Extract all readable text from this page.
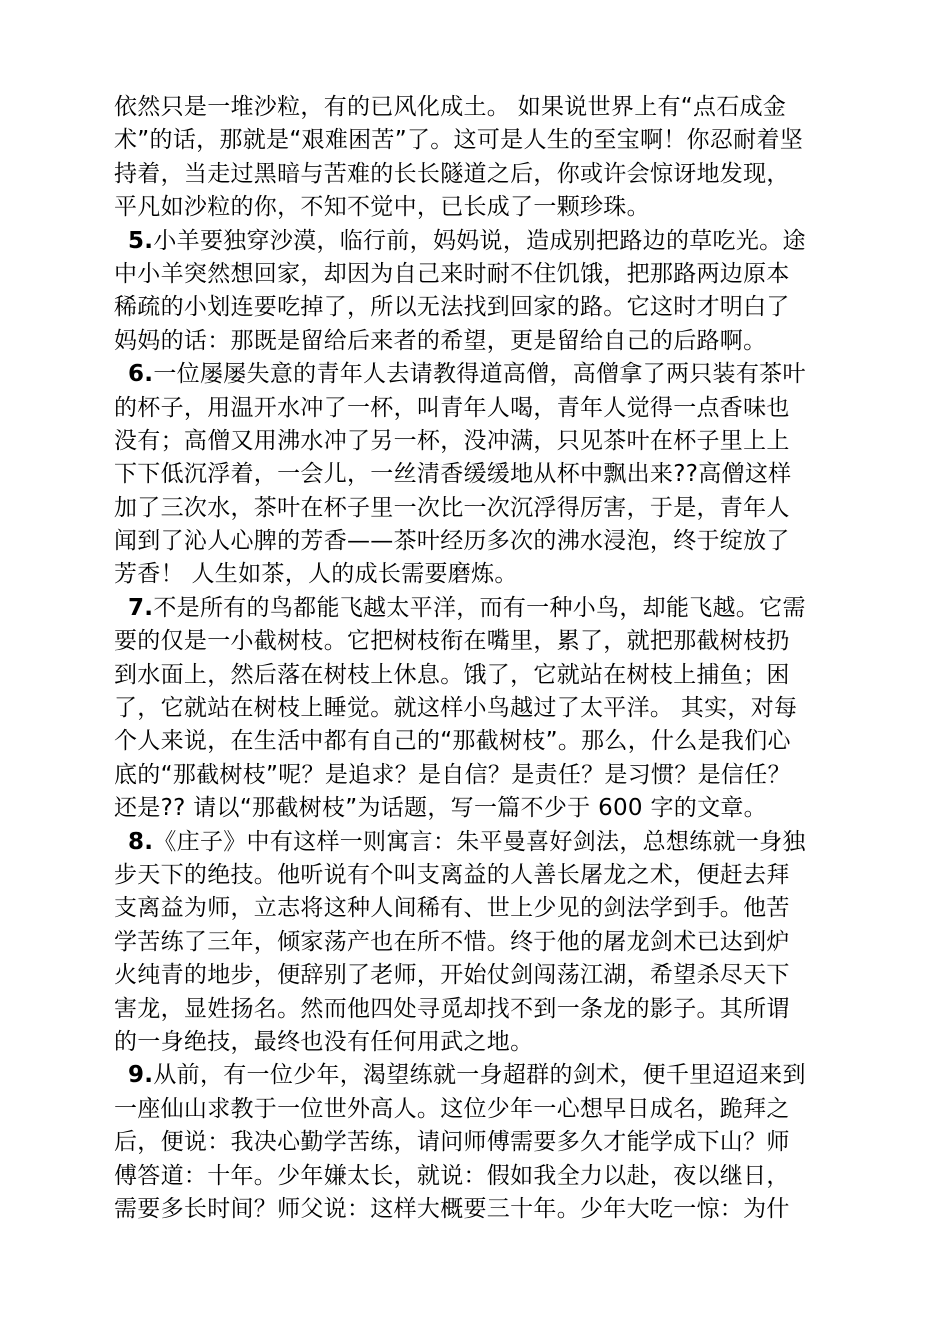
依然只是一堆沙粒，有的已风化成土。 如果说世界上有“点石成金
术”的话，那就是“艰难困苦”了。这可是人生的至宝啊！你忍耐着坚
持着，当走过黑暗与苦难的长长隧道之后，你或许会惊讶地发现，
平凡如沙粒的你，不知不觉中，已长成了一颗珍珠。
5.小羊要独穿沙漠，临行前，妈妈说，造成别把路边的草吃光。途
中小羊突然想回家，却因为自己来时耐不住饥饿，把那路两边原本
稀疏的小划连要吃掉了，所以无法找到回家的路。它这时才明白了
妈妈的话：那既是留给后来者的希望，更是留给自己的后路啊。
6.一位屡屡失意的青年人去请教得道高僧，高僧拿了两只装有茶叶
的杯子，用温开水冲了一杯，叫青年人喝，青年人觉得一点香味也
没有；高僧又用沸水冲了另一杯，没冲满，只见茶叶在杯子里上上
下下低沉浮着，一会儿，一丝清香缓缓地从杯中飘出来??高僧这样
加了三次水，茶叶在杯子里一次比一次沉浮得厉害，于是，青年人
闻到了沁人心脾的芳香——茶叶经历多次的沸水浸泡，终于绽放了
芳香！ 人生如茶，人的成长需要磨炼。
7.不是所有的鸟都能飞越太平洋，而有一种小鸟，却能飞越。它需
要的仅是一小截树枝。它把树枝衔在嘴里，累了，就把那截树枝扔
到水面上，然后落在树枝上休息。饿了，它就站在树枝上捕鱼；困
了，它就站在树枝上睡觉。就这样小鸟越过了太平洋。 其实，对每
个人来说，在生活中都有自己的“那截树枝”。那么，什么是我们心
底的“那截树枝”呢？是追求？是自信？是责任？是习惯？是信任？
还是?? 请以“那截树枝”为话题，写一篇不少于 600 字的文章。
8.《庄子》中有这样一则寓言：朱平曼喜好剑法，总想练就一身独
步天下的绝技。他听说有个叫支离益的人善长屠龙之术，便赶去拜
支离益为师，立志将这种人间稀有、世上少见的剑法学到手。他苦
学苦练了三年，倾家荡产也在所不惜。终于他的屠龙剑术已达到炉
火纯青的地步，便辞别了老师，开始仗剑闯荡江湖，希望杀尽天下
害龙，显姓扬名。然而他四处寻觅却找不到一条龙的影子。其所谓
的一身绝技，最终也没有任何用武之地。
9.从前，有一位少年，渴望练就一身超群的剑术，便千里迢迢来到
一座仙山求教于一位世外高人。这位少年一心想早日成名，跪拜之
后，便说：我决心勤学苦练，请问师傅需要多久才能学成下山？师
傅答道：十年。少年嫌太长，就说：假如我全力以赴，夜以继日，
需要多长时间？师父说：这样大概要三十年。少年大吃一惊：为什
